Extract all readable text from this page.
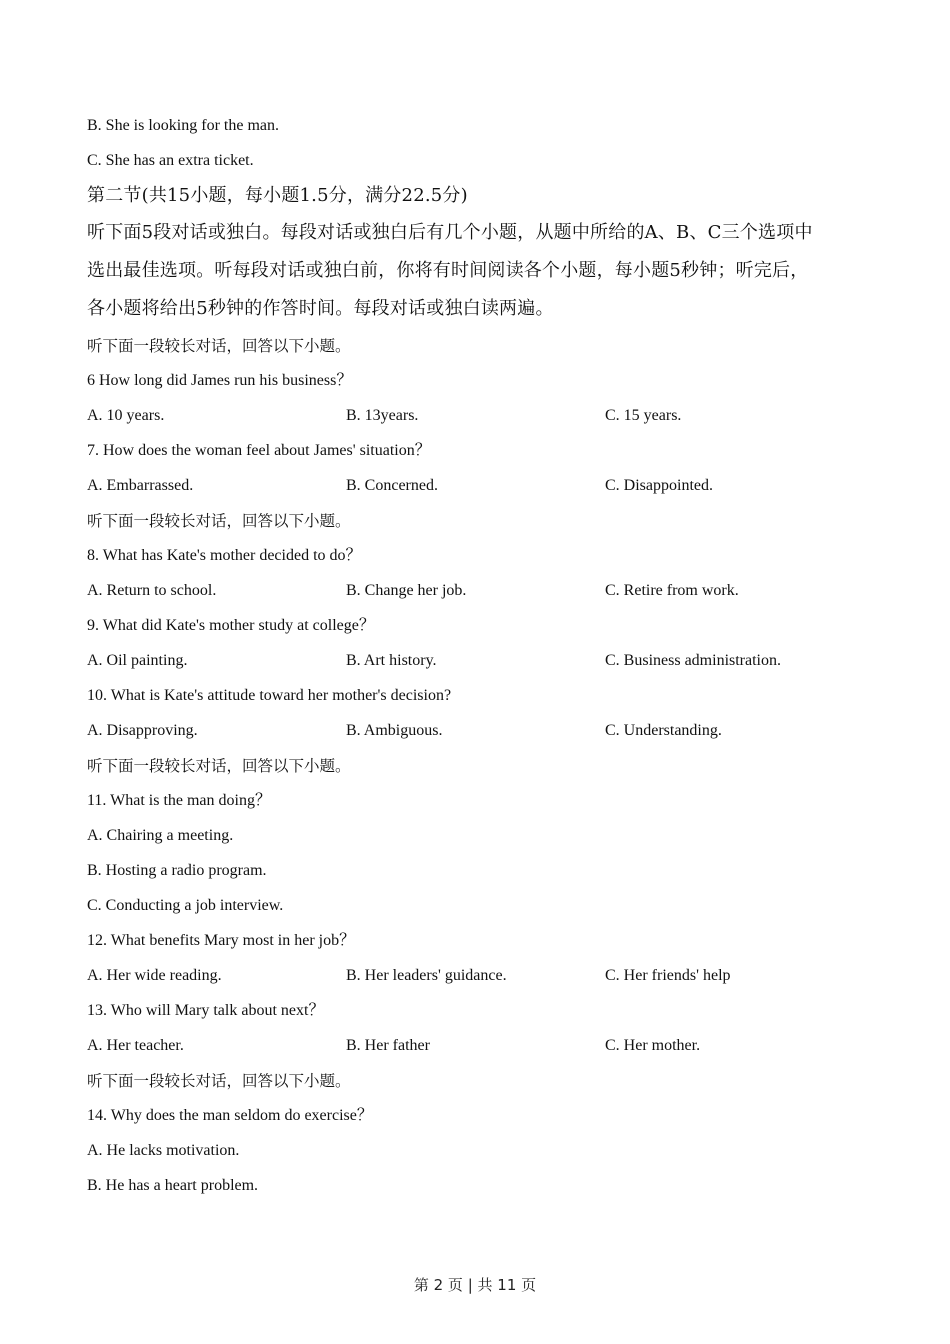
B. She is looking for the man.
C. She has an extra ticket.
第二节(共15小题，每小题1.5分，满分22.5分)
听下面5段对话或独白。每段对话或独白后有几个小题，从题中所给的A、B、C三个选项中
选出最佳选项。听每段对话或独白前，你将有时间阅读各个小题，每小题5秒钟；听完后，
各小题将给出5秒钟的作答时间。每段对话或独白读两遍。
听下面一段较长对话，回答以下小题。
6 How long did James run his business？
A. 10 years.	B. 13years.	C. 15 years.
7. How does the woman feel about James' situation？
A. Embarrassed.	B. Concerned.	C. Disappointed.
听下面一段较长对话，回答以下小题。
8. What has Kate's mother decided to do？
A. Return to school.	B. Change her job.	C. Retire from work.
9. What did Kate's mother study at college？
A. Oil painting.	B. Art history.	C. Business administration.
10. What is Kate's attitude toward her mother's decision?
A. Disapproving.	B. Ambiguous.	C. Understanding.
听下面一段较长对话，回答以下小题。
11. What is the man doing？
A. Chairing a meeting.
B. Hosting a radio program.
C. Conducting a job interview.
12. What benefits Mary most in her job？
A. Her wide reading.	B. Her leaders' guidance.	C. Her friends' help
13. Who will Mary talk about next？
A. Her teacher.	B. Her father	C. Her mother.
听下面一段较长对话，回答以下小题。
14. Why does the man seldom do exercise？
A. He lacks motivation.
B. He has a heart problem.
第 2 页 | 共 11 页
